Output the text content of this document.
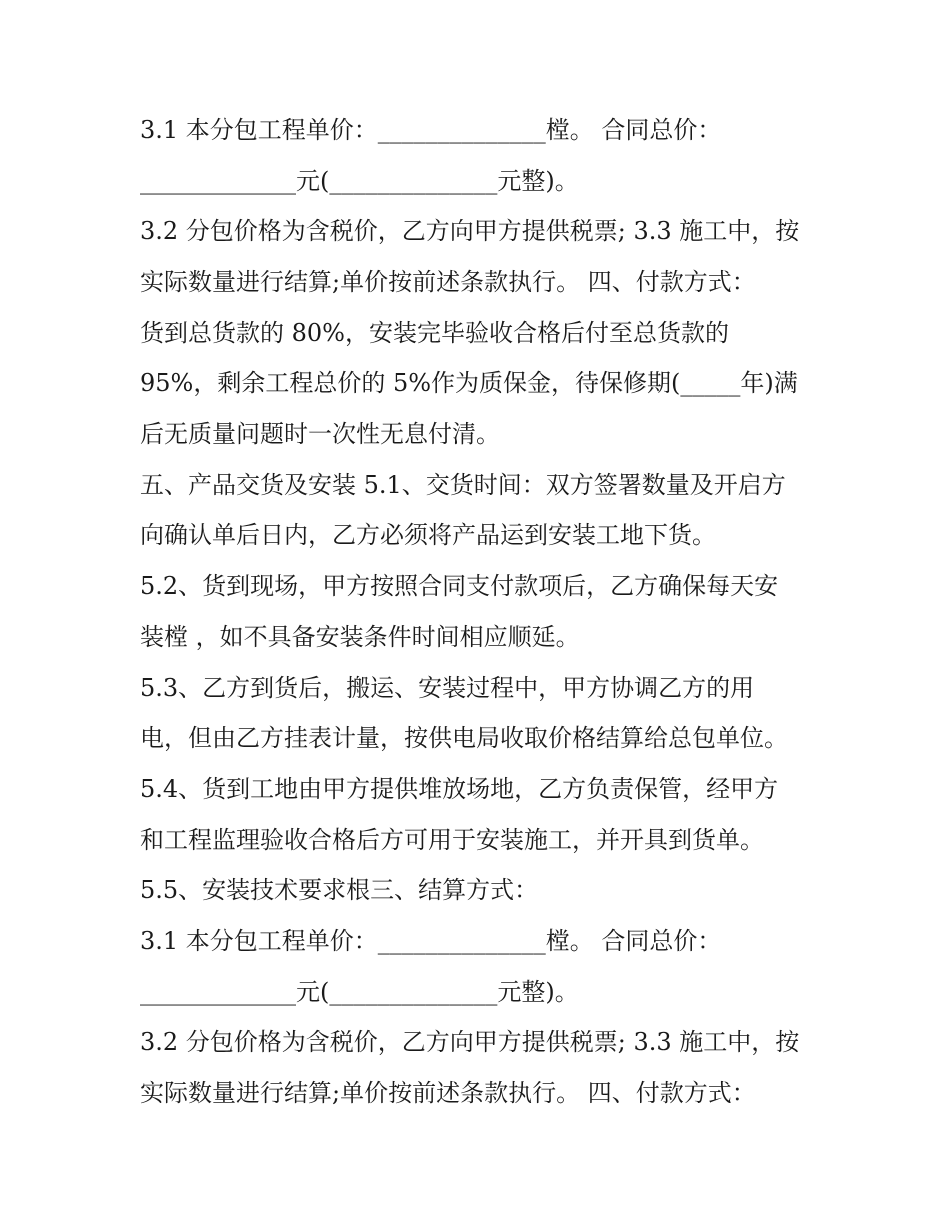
3.1 本分包工程单价：______________樘。 合同总价：
_____________元(______________元整)。
3.2 分包价格为含税价，乙方向甲方提供税票; 3.3 施工中，按
实际数量进行结算;单价按前述条款执行。 四、付款方式：
货到总货款的 80%，安装完毕验收合格后付至总货款的
95%，剩余工程总价的 5%作为质保金，待保修期(_____年)满
后无质量问题时一次性无息付清。
五、产品交货及安装 5.1、交货时间：双方签署数量及开启方
向确认单后日内，乙方必须将产品运到安装工地下货。
5.2、货到现场，甲方按照合同支付款项后，乙方确保每天安
装樘 ，如不具备安装条件时间相应顺延。
5.3、乙方到货后，搬运、安装过程中，甲方协调乙方的用
电，但由乙方挂表计量，按供电局收取价格结算给总包单位。
5.4、货到工地由甲方提供堆放场地，乙方负责保管，经甲方
和工程监理验收合格后方可用于安装施工，并开具到货单。
5.5、安装技术要求根三、结算方式：
3.1 本分包工程单价：______________樘。 合同总价：
_____________元(______________元整)。
3.2 分包价格为含税价，乙方向甲方提供税票; 3.3 施工中，按
实际数量进行结算;单价按前述条款执行。 四、付款方式：
